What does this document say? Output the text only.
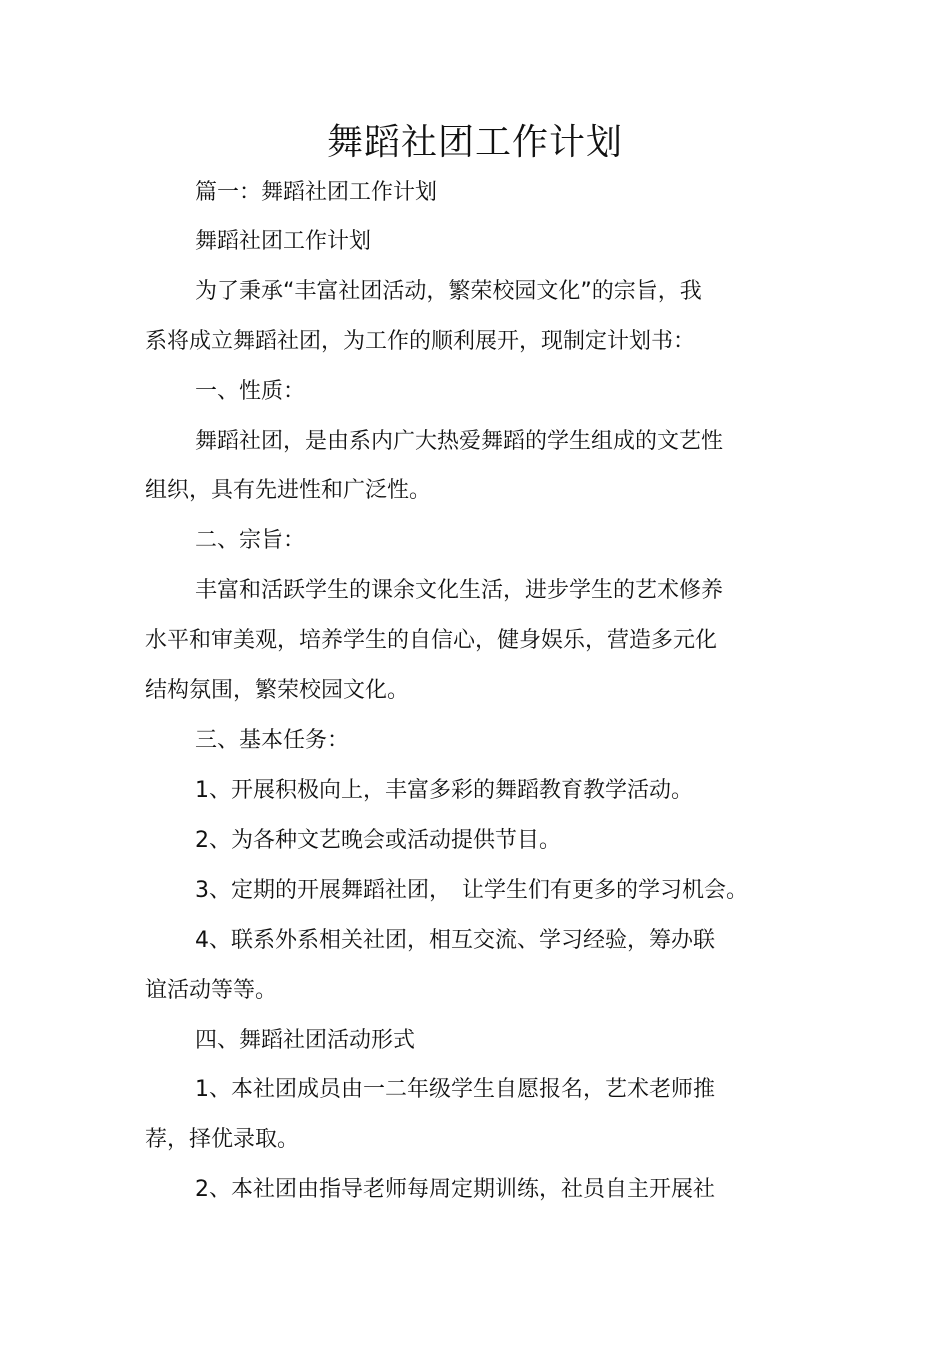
舞蹈社团工作计划
篇一：舞蹈社团工作计划
舞蹈社团工作计划
为了秉承“丰富社团活动，繁荣校园文化”的宗旨，我
系将成立舞蹈社团，为工作的顺利展开，现制定计划书：
一、性质：
舞蹈社团，是由系内广大热爱舞蹈的学生组成的文艺性
组织，具有先进性和广泛性。
二、宗旨：
丰富和活跃学生的课余文化生活，进步学生的艺术修养
水平和审美观，培养学生的自信心，健身娱乐，营造多元化
结构氛围，繁荣校园文化。
三、基本任务：
1、开展积极向上，丰富多彩的舞蹈教育教学活动。
2、为各种文艺晚会或活动提供节目。
3、定期的开展舞蹈社团，　让学生们有更多的学习机会。
4、联系外系相关社团，相互交流、学习经验，筹办联
谊活动等等。
四、舞蹈社团活动形式
1、本社团成员由一二年级学生自愿报名，艺术老师推
荐，择优录取。
2、本社团由指导老师每周定期训练，社员自主开展社
